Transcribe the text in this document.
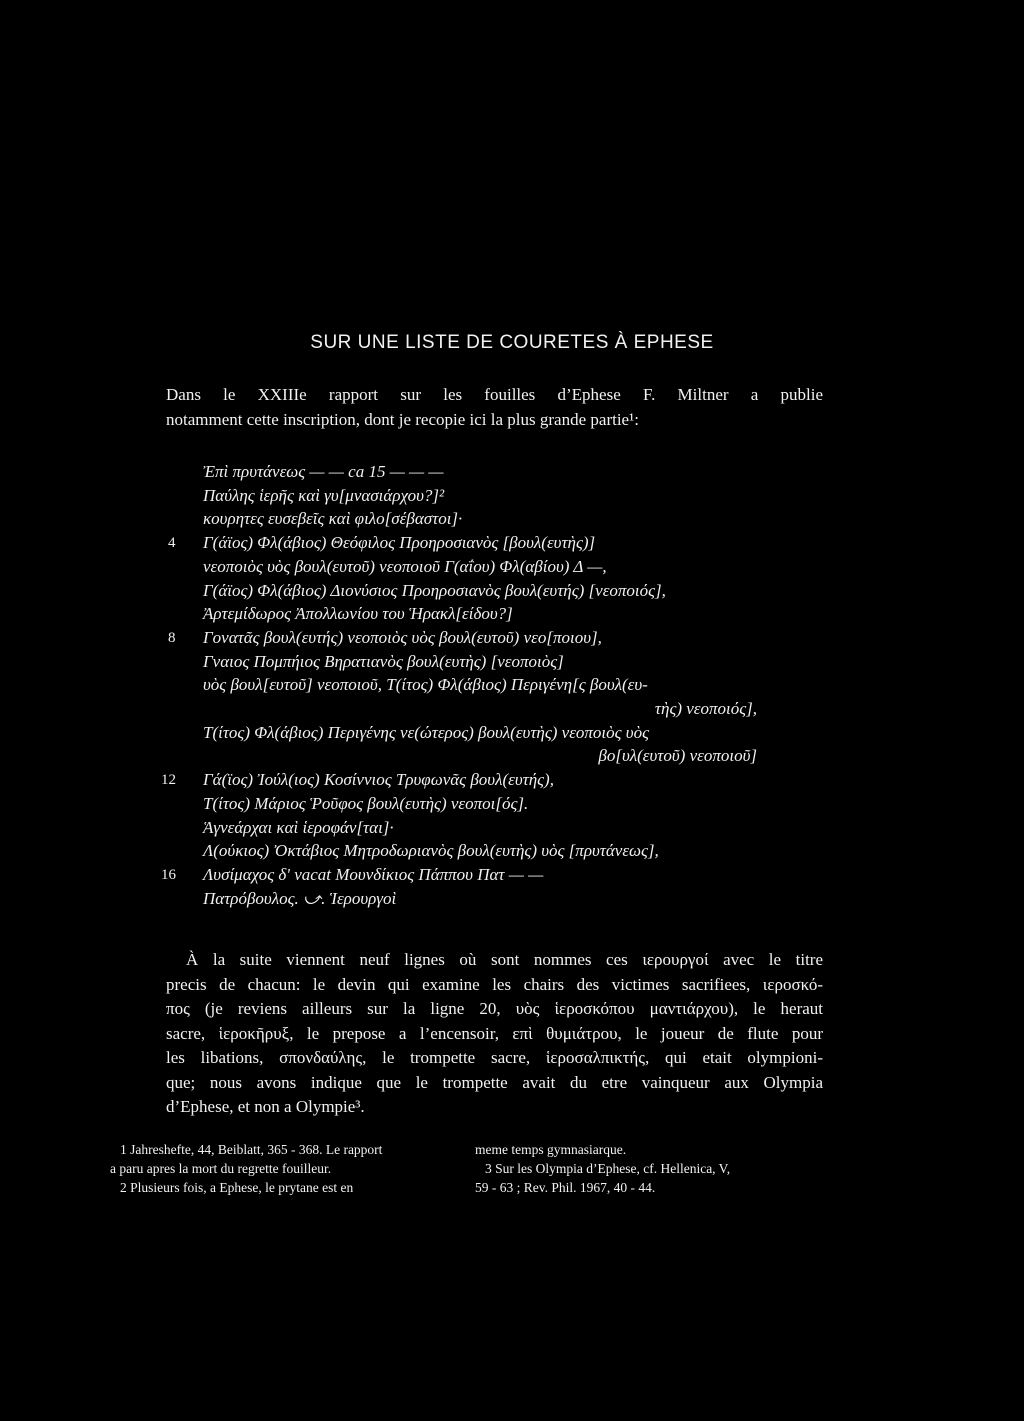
SUR UNE LISTE DE COURETES À EPHESE
Dans le XXIIIe rapport sur les fouilles d’Ephese F. Miltner a publie
notamment cette inscription, dont je recopie ici la plus grande partie¹:
Ἐπὶ πρυτάνεως — — ca 15 — — —
Παύλης ἱερῆς καὶ γυ[μνασιάρχου?]²
κουρητες ευσεβεῖς καὶ φιλο[σέβαστοι]·
4 Γ(άϊος) Φλ(άβιος) Θεόφιλος Προηροσιανὸς [βουλ(ευτὴς)]
νεοποιὸς υὸς βουλ(ευτοῦ) νεοποιοῦ Γ(αΐου) Φλ(αβίου) Δ —,
Γ(άϊος) Φλ(άβιος) Διονύσιος Προηροσιανὸς βουλ(ευτής) [νεοποιός],
Ἀρτεμίδωρος Ἀπολλωνίου του Ἡρακλ[είδου?]
8 Γονατᾶς βουλ(ευτής) νεοποιὸς υὸς βουλ(ευτοῦ) νεο[ποιου],
Γναιος Πομπήιος Βηρατιανὸς βουλ(ευτὴς) [νεοποιὸς]
υὸς βουλ[ευτοῦ] νεοποιοῦ, Τ(ίτος) Φλ(άβιος) Περιγένη[ς βουλ(ευ-
τὴς) νεοποιός],
Τ(ίτος) Φλ(άβιος) Περιγένης νε(ώτερος) βουλ(ευτὴς) νεοποιὸς υὸς
βο[υλ(ευτοῦ) νεοποιοῦ]
12 Γά(ϊος) Ἰούλ(ιος) Κοσίννιος Τρυφωνᾶς βουλ(ευτής),
Τ(ίτος) Μάριος Ῥοῦφος βουλ(ευτὴς) νεοποι[ός].
Ἁγνεάρχαι καὶ ἱεροφάν[ται]·
Λ(ούκιος) Ὀκτάβιος Μητροδωριανὸς βουλ(ευτὴς) υὸς [πρυτάνεως],
16 Λυσίμαχος δʹ vacat Μουνδίκιος Πάππου Πατ — —
Πατρόβουλος. ⤻. Ἱερουργοὶ
À la suite viennent neuf lignes où sont nommes ces ιερουργοί avec le titre
precis de chacun: le devin qui examine les chairs des victimes sacrifiees, ιεροσκό-
πος (je reviens ailleurs sur la ligne 20, υὸς ἱεροσκόπου μαντιάρχου), le heraut
sacre, ἱεροκῆρυξ, le prepose a l’encensoir, επὶ θυμιάτρου, le joueur de flute pour
les libations, σπονδαύλης, le trompette sacre, ἱεροσαλπικτής, qui etait olympioni-
que; nous avons indique que le trompette avait du etre vainqueur aux Olympia
d’Ephese, et non a Olympie³.
1 Jahreshefte, 44, Beiblatt, 365 - 368. Le rapport
a paru apres la mort du regrette fouilleur.
2 Plusieurs fois, a Ephese, le prytane est en
meme temps gymnasiarque.
3 Sur les Olympia d’Ephese, cf. Hellenica, V,
59 - 63 ; Rev. Phil. 1967, 40 - 44.
